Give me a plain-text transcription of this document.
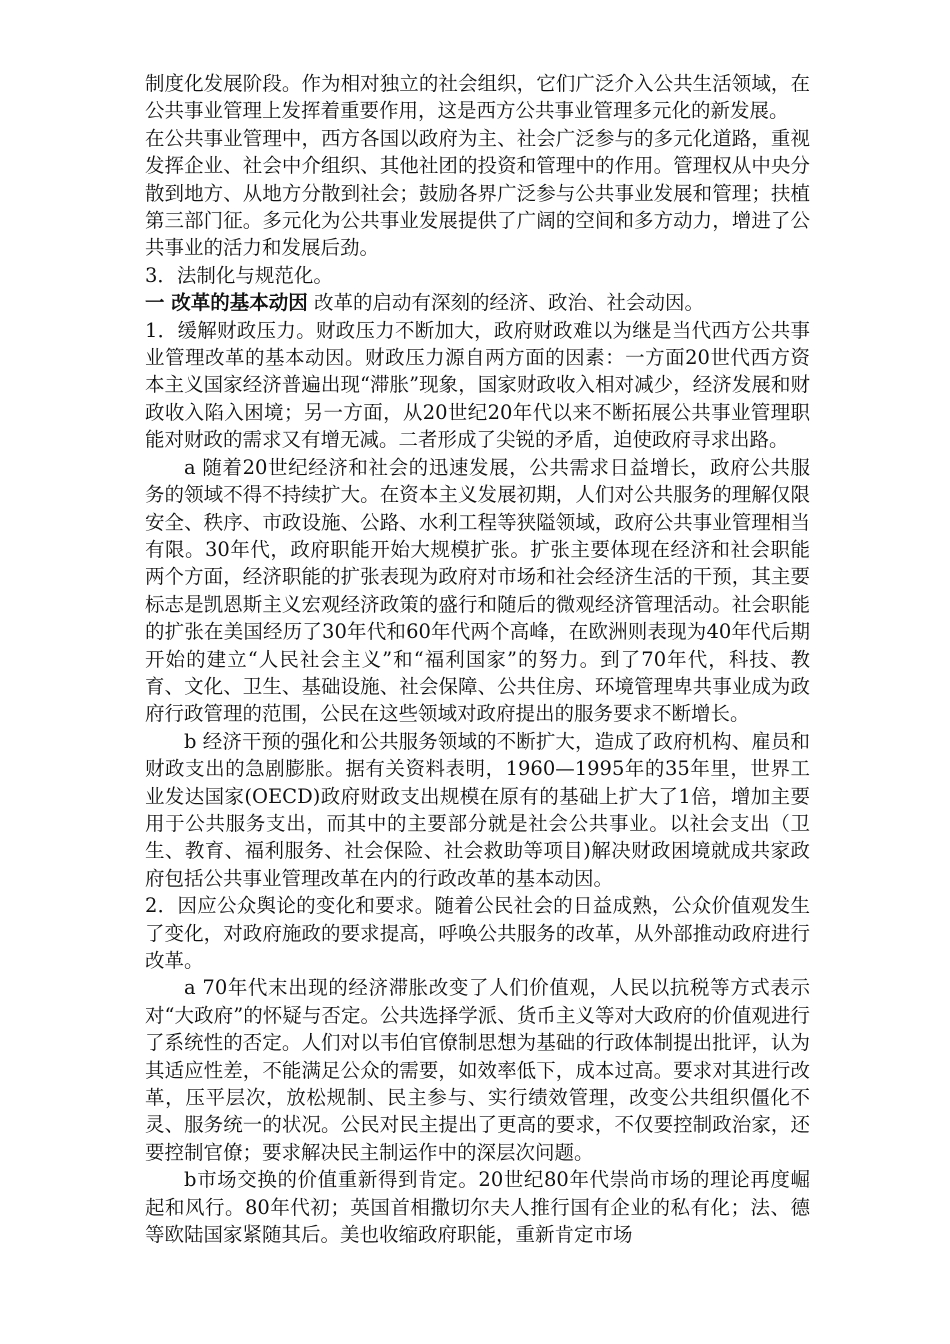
制度化发展阶段。作为相对独立的社会组织，它们广泛介入公共生活领域，在公共事业管理上发挥着重要作用，这是西方公共事业管理多元化的新发展。

在公共事业管理中，西方各国以政府为主、社会广泛参与的多元化道路，重视发挥企业、社会中介组织、其他社团的投资和管理中的作用。管理权从中央分散到地方、从地方分散到社会；鼓励各界广泛参与公共事业发展和管理；扶植第三部门征。多元化为公共事业发展提供了广阔的空间和多方动力，增进了公共事业的活力和发展后劲。

3．法制化与规范化。

一 改革的基本动因 改革的启动有深刻的经济、政治、社会动因。

1．缓解财政压力。财政压力不断加大，政府财政难以为继是当代西方公共事业管理改革的基本动因。财政压力源自两方面的因素：一方面20世代西方资本主义国家经济普遍出现“滞胀”现象，国家财政收入相对减少，经济发展和财政收入陷入困境；另一方面，从20世纪20年代以来不断拓展公共事业管理职能对财政的需求又有增无减。二者形成了尖锐的矛盾，迫使政府寻求出路。

a 随着20世纪经济和社会的迅速发展，公共需求日益增长，政府公共服务的领域不得不持续扩大。在资本主义发展初期，人们对公共服务的理解仅限安全、秩序、市政设施、公路、水利工程等狭隘领域，政府公共事业管理相当有限。30年代，政府职能开始大规模扩张。扩张主要体现在经济和社会职能两个方面，经济职能的扩张表现为政府对市场和社会经济生活的干预，其主要标志是凯恩斯主义宏观经济政策的盛行和随后的微观经济管理活动。社会职能的扩张在美国经历了30年代和60年代两个高峰，在欧洲则表现为40年代后期开始的建立“人民社会主义”和“福利国家”的努力。到了70年代，科技、教育、文化、卫生、基础设施、社会保障、公共住房、环境管理卑共事业成为政府行政管理的范围，公民在这些领域对政府提出的服务要求不断增长。

b 经济干预的强化和公共服务领域的不断扩大，造成了政府机构、雇员和财政支出的急剧膨胀。据有关资料表明，1960—1995年的35年里，世界工业发达国家(OECD)政府财政支出规模在原有的基础上扩大了1倍，增加主要用于公共服务支出，而其中的主要部分就是社会公共事业。以社会支出（卫生、教育、福利服务、社会保险、社会救助等项目)解决财政困境就成共家政府包括公共事业管理改革在内的行政改革的基本动因。

2．因应公众舆论的变化和要求。随着公民社会的日益成熟，公众价值观发生了变化，对政府施政的要求提高，呼唤公共服务的改革，从外部推动政府进行改革。

a 70年代末出现的经济滞胀改变了人们价值观，人民以抗税等方式表示对“大政府”的怀疑与否定。公共选择学派、货币主义等对大政府的价值观进行了系统性的否定。人们对以韦伯官僚制思想为基础的行政体制提出批评，认为其适应性差，不能满足公众的需要，如效率低下，成本过高。要求对其进行改革，压平层次，放松规制、民主参与、实行绩效管理，改变公共组织僵化不灵、服务统一的状况。公民对民主提出了更高的要求，不仅要控制政治家，还要控制官僚；要求解决民主制运作中的深层次问题。

b市场交换的价值重新得到肯定。20世纪80年代崇尚市场的理论再度崛起和风行。80年代初；英国首相撒切尔夫人推行国有企业的私有化；法、德等欧陆国家紧随其后。美也收缩政府职能，重新肯定市场
